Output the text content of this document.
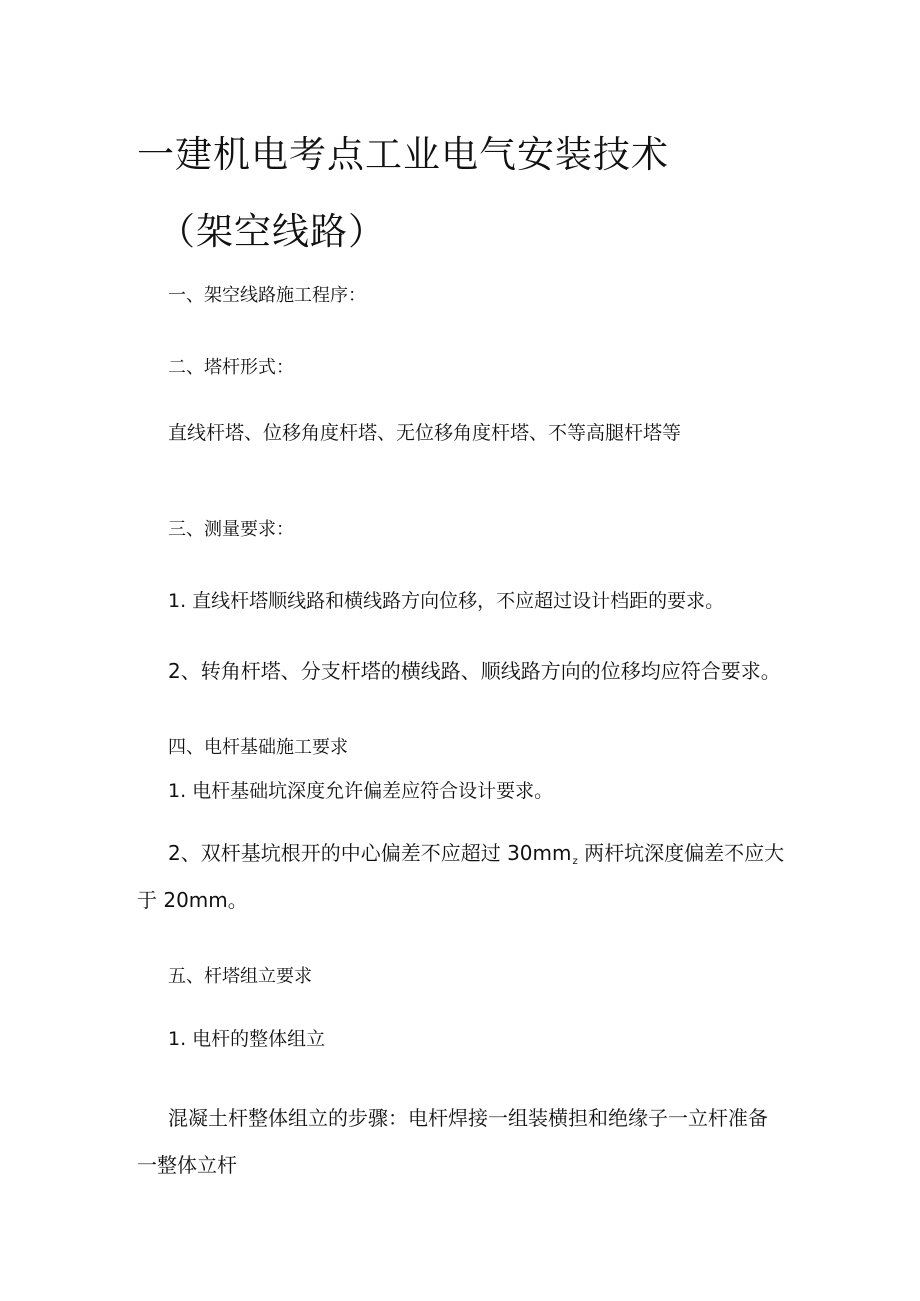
一建机电考点工业电气安装技术
（架空线路）
一、架空线路施工程序：
二、塔杆形式：
直线杆塔、位移角度杆塔、无位移角度杆塔、不等高腿杆塔等
三、测量要求：
1. 直线杆塔顺线路和横线路方向位移，不应超过设计档距的要求。
2、转角杆塔、分支杆塔的横线路、顺线路方向的位移均应符合要求。
四、电杆基础施工要求
1. 电杆基础坑深度允许偏差应符合设计要求。
2、双杆基坑根开的中心偏差不应超过 $30mm_z$ 两杆坑深度偏差不应大
于 20mm。
五、杆塔组立要求
1. 电杆的整体组立
混凝土杆整体组立的步骤：电杆焊接一组装横担和绝缘子一立杆准备
一整体立杆
